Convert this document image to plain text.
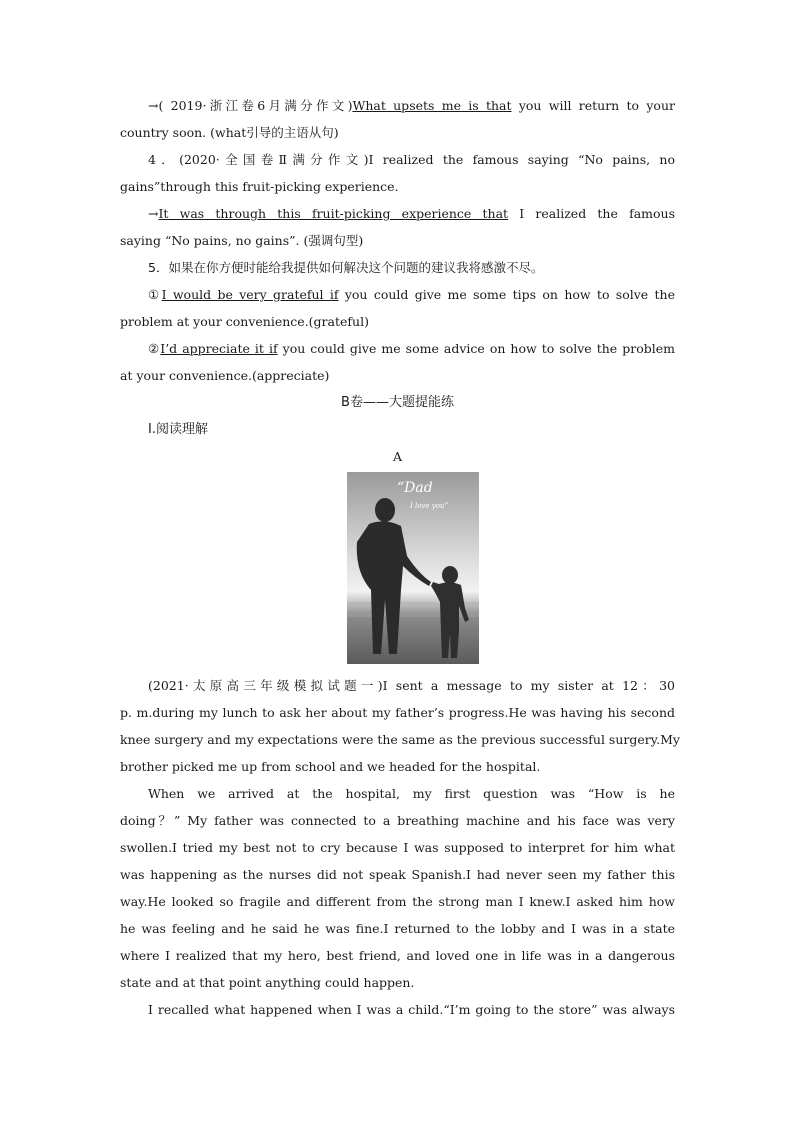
→( 2019·浙江卷6月满分作文)What upsets me is that you will return to your
country soon. (what引导的主语从句)
4．(2020·全国卷Ⅱ满分作文)I realized the famous saying “No pains, no
gains”through this fruit-picking experience.
→It was through this fruit-picking experience that I realized the famous
saying “No pains, no gains”. (强调句型)
5．如果在你方便时能给我提供如何解决这个问题的建议我将感激不尽。
①I would be very grateful if you could give me some tips on how to solve the
problem at your convenience.(grateful)
②I’d appreciate it if you could give me some advice on how to solve the problem
at your convenience.(appreciate)
B卷——大题提能练
Ⅰ.阅读理解
A
“Dad
I love you”
(2021·太原高三年级模拟试题一)I sent a message to my sister at 12：30
p. m.during my lunch to ask her about my father’s progress.He was having his second
knee surgery and my expectations were the same as the previous successful surgery.My
brother picked me up from school and we headed for the hospital.
When we arrived at the hospital, my first question was “How is he
doing？” My father was connected to a breathing machine and his face was very
swollen.I tried my best not to cry because I was supposed to interpret for him what
was happening as the nurses did not speak Spanish.I had never seen my father this
way.He looked so fragile and different from the strong man I knew.I asked him how
he was feeling and he said he was fine.I returned to the lobby and I was in a state
where I realized that my hero, best friend, and loved one in life was in a dangerous
state and at that point anything could happen.
I recalled what happened when I was a child.“I’m going to the store” was always
